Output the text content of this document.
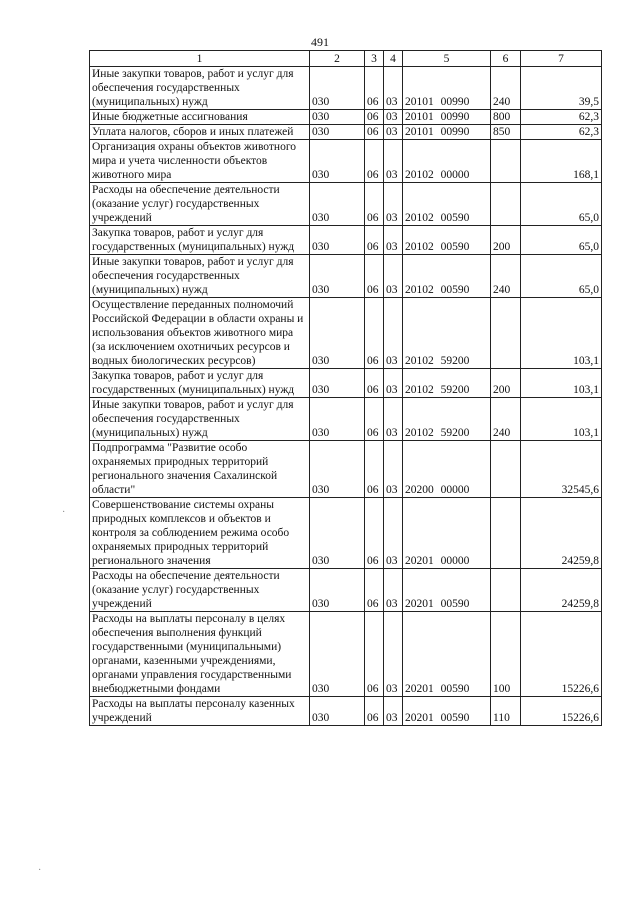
491
1	2	3	4	5	6	7
Иные закупки товаров, работ и услуг для обеспечения государственных (муниципальных) нужд	030	06	03	20101 00990	240	39,5
Иные бюджетные ассигнования	030	06	03	20101 00990	800	62,3
Уплата налогов, сборов и иных платежей	030	06	03	20101 00990	850	62,3
Организация охраны объектов животного мира и учета численности объектов животного мира	030	06	03	20102 00000		168,1
Расходы на обеспечение деятельности (оказание услуг) государственных учреждений	030	06	03	20102 00590		65,0
Закупка товаров, работ и услуг для государственных (муниципальных) нужд	030	06	03	20102 00590	200	65,0
Иные закупки товаров, работ и услуг для обеспечения государственных (муниципальных) нужд	030	06	03	20102 00590	240	65,0
Осуществление переданных полномочий Российской Федерации в области охраны и использования объектов животного мира (за исключением охотничьих ресурсов и водных биологических ресурсов)	030	06	03	20102 59200		103,1
Закупка товаров, работ и услуг для государственных (муниципальных) нужд	030	06	03	20102 59200	200	103,1
Иные закупки товаров, работ и услуг для обеспечения государственных (муниципальных) нужд	030	06	03	20102 59200	240	103,1
Подпрограмма "Развитие особо охраняемых природных территорий регионального значения Сахалинской области"	030	06	03	20200 00000		32545,6
Совершенствование системы охраны природных комплексов и объектов и контроля за соблюдением режима особо охраняемых природных территорий регионального значения	030	06	03	20201 00000		24259,8
Расходы на обеспечение деятельности (оказание услуг) государственных учреждений	030	06	03	20201 00590		24259,8
Расходы на выплаты персоналу в целях обеспечения выполнения функций государственными (муниципальными) органами, казенными учреждениями, органами управления государственными внебюджетными фондами	030	06	03	20201 00590	100	15226,6
Расходы на выплаты персоналу казенных учреждений	030	06	03	20201 00590	110	15226,6
·
·
